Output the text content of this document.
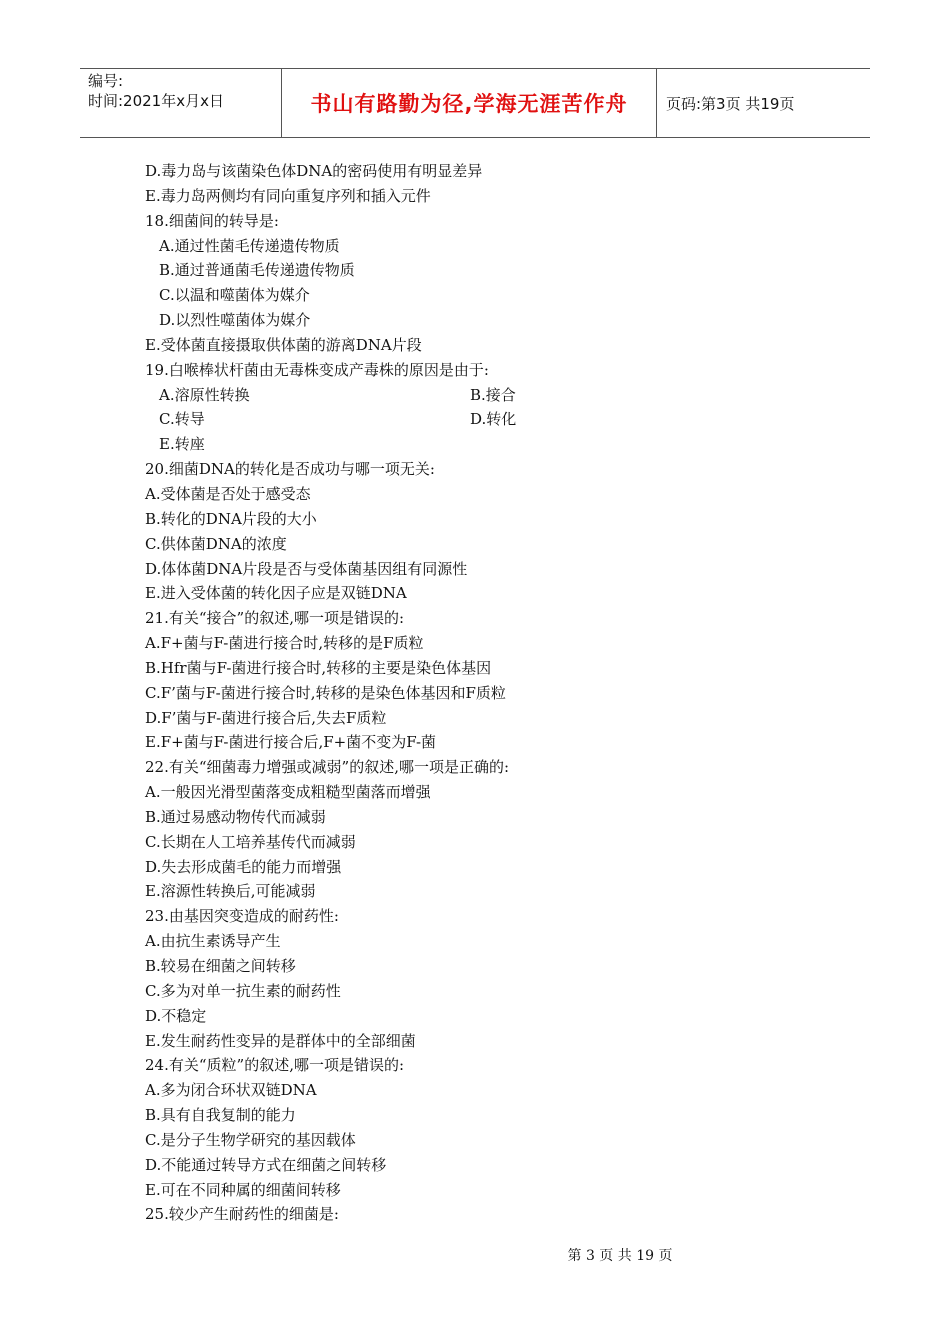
编号:
时间:2021年x月x日	书山有路勤为径,学海无涯苦作舟	页码:第3页 共19页
D.毒力岛与该菌染色体DNA的密码使用有明显差异
E.毒力岛两侧均有同向重复序列和插入元件
18.细菌间的转导是:
A.通过性菌毛传递遗传物质
B.通过普通菌毛传递遗传物质
C.以温和噬菌体为媒介
D.以烈性噬菌体为媒介
E.受体菌直接摄取供体菌的游离DNA片段
19.白喉棒状杆菌由无毒株变成产毒株的原因是由于:
A.溶原性转换	B.接合
C.转导	D.转化
E.转座
20.细菌DNA的转化是否成功与哪一项无关:
A.受体菌是否处于感受态
B.转化的DNA片段的大小
C.供体菌DNA的浓度
D.体体菌DNA片段是否与受体菌基因组有同源性
E.进入受体菌的转化因子应是双链DNA
21.有关“接合”的叙述,哪一项是错误的:
A.F+菌与F-菌进行接合时,转移的是F质粒
B.Hfr菌与F-菌进行接合时,转移的主要是染色体基因
C.F’菌与F-菌进行接合时,转移的是染色体基因和F质粒
D.F’菌与F-菌进行接合后,失去F质粒
E.F+菌与F-菌进行接合后,F+菌不变为F-菌
22.有关“细菌毒力增强或减弱”的叙述,哪一项是正确的:
A.一般因光滑型菌落变成粗糙型菌落而增强
B.通过易感动物传代而减弱
C.长期在人工培养基传代而减弱
D.失去形成菌毛的能力而增强
E.溶源性转换后,可能减弱
23.由基因突变造成的耐药性:
A.由抗生素诱导产生
B.较易在细菌之间转移
C.多为对单一抗生素的耐药性
D.不稳定
E.发生耐药性变异的是群体中的全部细菌
24.有关“质粒”的叙述,哪一项是错误的:
A.多为闭合环状双链DNA
B.具有自我复制的能力
C.是分子生物学研究的基因载体
D.不能通过转导方式在细菌之间转移
E.可在不同种属的细菌间转移
25.较少产生耐药性的细菌是:
第 3 页 共 19 页
